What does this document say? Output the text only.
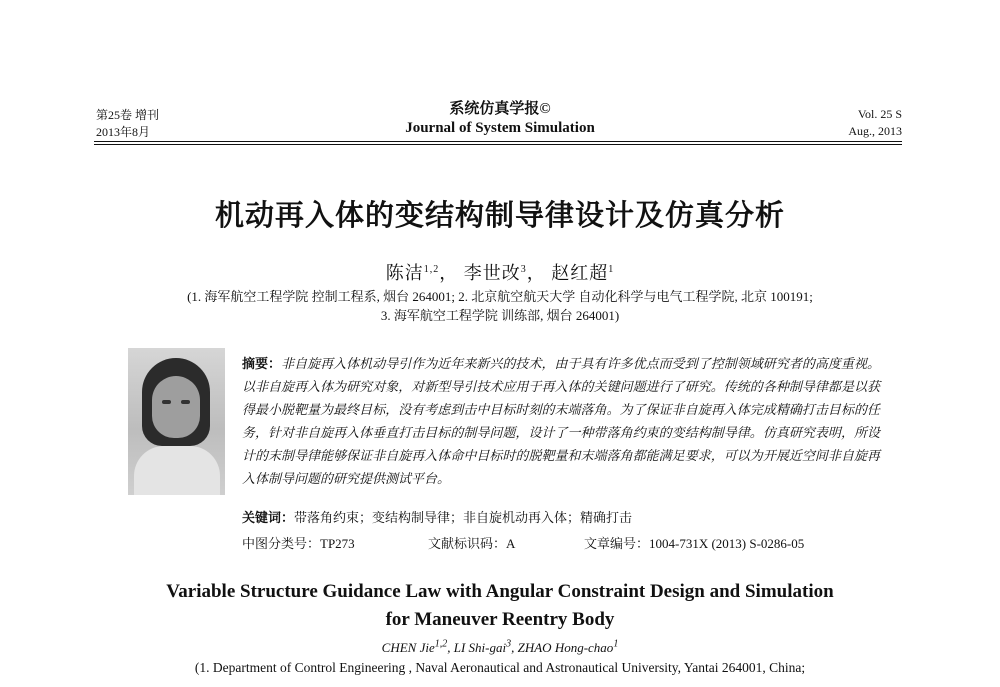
第25卷 增刊
2013年8月
系统仿真学报©
Journal of System Simulation
Vol. 25 S
Aug., 2013
机动再入体的变结构制导律设计及仿真分析
陈洁$^{1,2}$， 李世改$^3$， 赵红超$^1$
(1. 海军航空工程学院 控制工程系, 烟台 264001; 2. 北京航空航天大学 自动化科学与电气工程学院, 北京 100191;
3. 海军航空工程学院 训练部, 烟台 264001)
摘要：非自旋再入体机动导引作为近年来新兴的技术，由于具有许多优点而受到了控制领域研究者的高度重视。以非自旋再入体为研究对象，对新型导引技术应用于再入体的关键问题进行了研究。传统的各种制导律都是以获得最小脱靶量为最终目标，没有考虑到击中目标时刻的末端落角。为了保证非自旋再入体完成精确打击目标的任务，针对非自旋再入体垂直打击目标的制导问题，设计了一种带落角约束的变结构制导律。仿真研究表明，所设计的末制导律能够保证非自旋再入体命中目标时的脱靶量和末端落角都能满足要求，可以为开展近空间非自旋再入体制导问题的研究提供测试平台。
关键词：带落角约束；变结构制导律；非自旋机动再入体；精确打击
中图分类号：TP273	文献标识码：A	文章编号：1004-731X (2013) S-0286-05
Variable Structure Guidance Law with Angular Constraint Design and Simulation
for Maneuver Reentry Body
CHEN Jie$^{1,2}$, LI Shi-gai$^3$, ZHAO Hong-chao$^1$
(1. Department of Control Engineering , Naval Aeronautical and Astronautical University, Yantai 264001, China;
